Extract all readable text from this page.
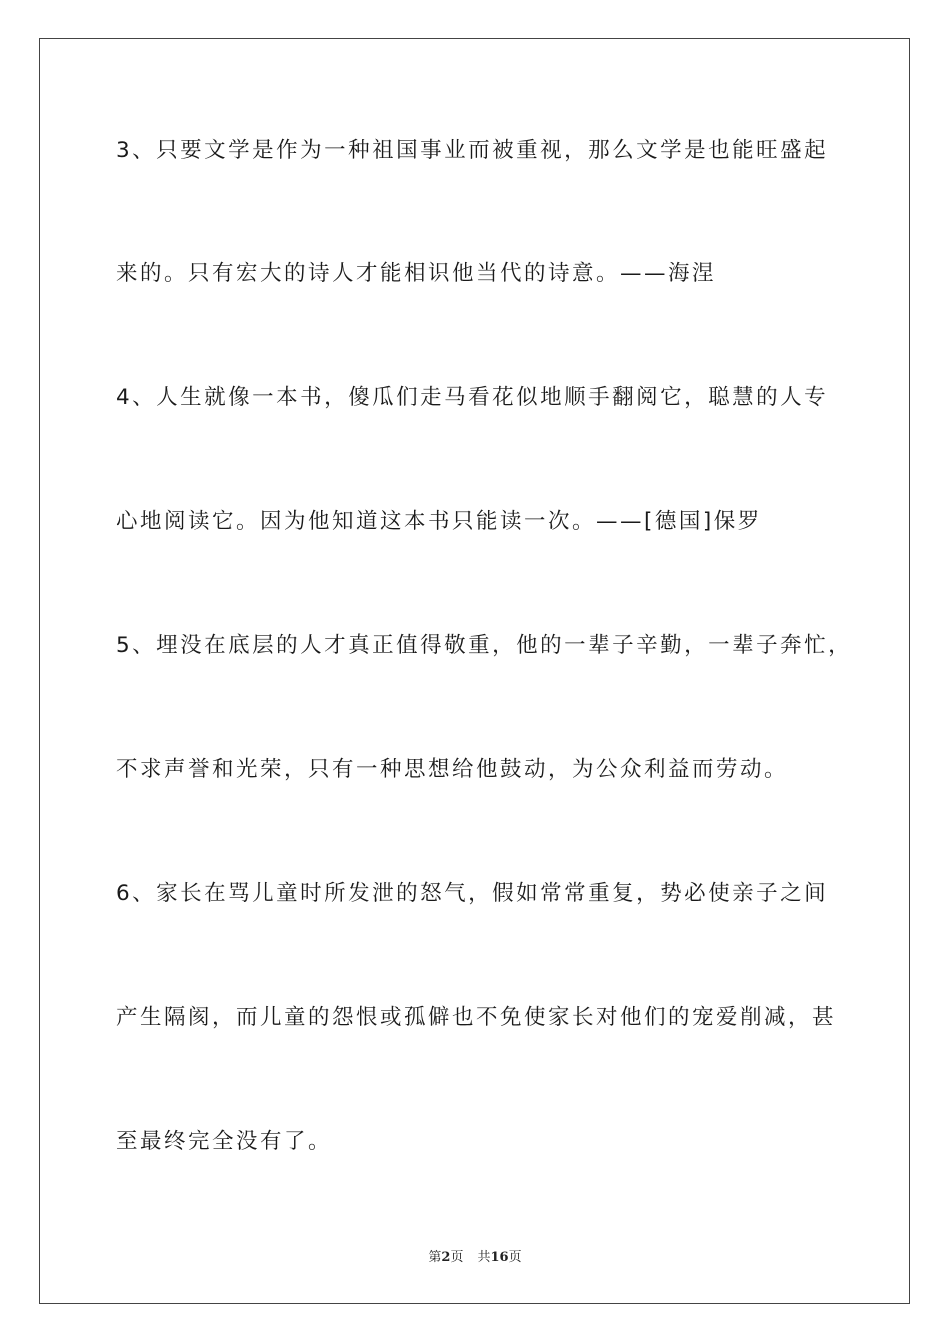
3、只要文学是作为一种祖国事业而被重视，那么文学是也能旺盛起
来的。只有宏大的诗人才能相识他当代的诗意。——海涅
4、人生就像一本书，傻瓜们走马看花似地顺手翻阅它，聪慧的人专
心地阅读它。因为他知道这本书只能读一次。——[德国]保罗
5、埋没在底层的人才真正值得敬重，他的一辈子辛勤，一辈子奔忙，
不求声誉和光荣，只有一种思想给他鼓动，为公众利益而劳动。
6、家长在骂儿童时所发泄的怒气，假如常常重复，势必使亲子之间
产生隔阂，而儿童的怨恨或孤僻也不免使家长对他们的宠爱削减，甚
至最终完全没有了。
第2页 共16页
